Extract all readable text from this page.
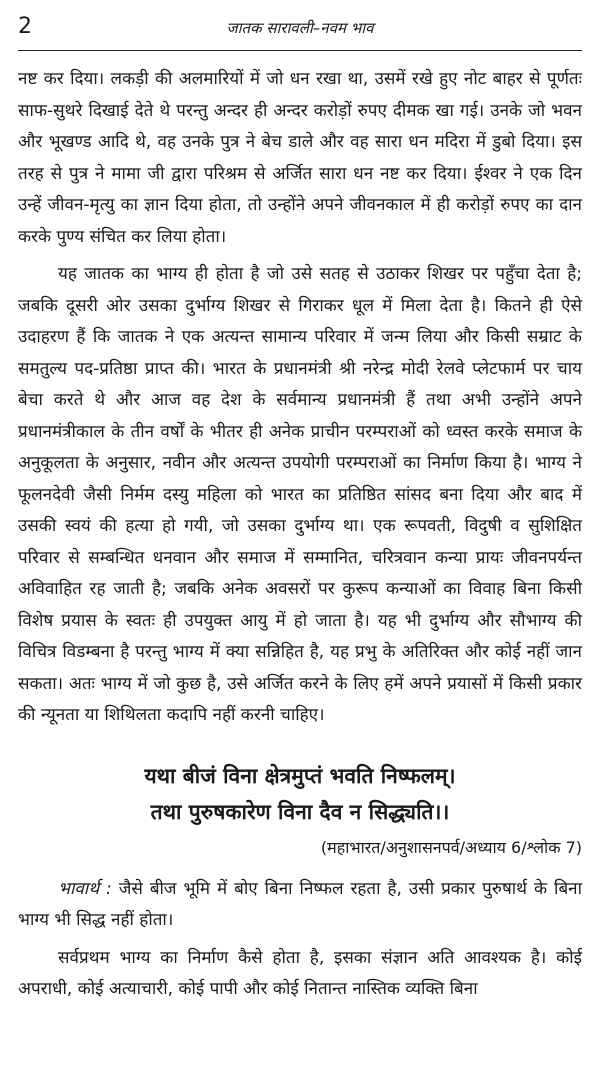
2	जातक सारावली–नवम भाव

नष्ट कर दिया। लकड़ी की अलमारियों में जो धन रखा था, उसमें रखे हुए नोट बाहर से पूर्णतः साफ-सुथरे दिखाई देते थे परन्तु अन्दर ही अन्दर करोड़ों रुपए दीमक खा गई। उनके जो भवन और भूखण्ड आदि थे, वह उनके पुत्र ने बेच डाले और वह सारा धन मदिरा में डुबो दिया। इस तरह से पुत्र ने मामा जी द्वारा परिश्रम से अर्जित सारा धन नष्ट कर दिया। ईश्वर ने एक दिन उन्हें जीवन-मृत्यु का ज्ञान दिया होता, तो उन्होंने अपने जीवनकाल में ही करोड़ों रुपए का दान करके पुण्य संचित कर लिया होता।

यह जातक का भाग्य ही होता है जो उसे सतह से उठाकर शिखर पर पहुँचा देता है; जबकि दूसरी ओर उसका दुर्भाग्य शिखर से गिराकर धूल में मिला देता है। कितने ही ऐसे उदाहरण हैं कि जातक ने एक अत्यन्त सामान्य परिवार में जन्म लिया और किसी सम्राट के समतुल्य पद-प्रतिष्ठा प्राप्त की। भारत के प्रधानमंत्री श्री नरेन्द्र मोदी रेलवे प्लेटफार्म पर चाय बेचा करते थे और आज वह देश के सर्वमान्य प्रधानमंत्री हैं तथा अभी उन्होंने अपने प्रधानमंत्रीकाल के तीन वर्षों के भीतर ही अनेक प्राचीन परम्पराओं को ध्वस्त करके समाज के अनुकूलता के अनुसार, नवीन और अत्यन्त उपयोगी परम्पराओं का निर्माण किया है। भाग्य ने फूलनदेवी जैसी निर्मम दस्यु महिला को भारत का प्रतिष्ठित सांसद बना दिया और बाद में उसकी स्वयं की हत्या हो गयी, जो उसका दुर्भाग्य था। एक रूपवती, विदुषी व सुशिक्षित परिवार से सम्बन्धित धनवान और समाज में सम्मानित, चरित्रवान कन्या प्रायः जीवनपर्यन्त अविवाहित रह जाती है; जबकि अनेक अवसरों पर कुरूप कन्याओं का विवाह बिना किसी विशेष प्रयास के स्वतः ही उपयुक्त आयु में हो जाता है। यह भी दुर्भाग्य और सौभाग्य की विचित्र विडम्बना है परन्तु भाग्य में क्या सन्निहित है, यह प्रभु के अतिरिक्त और कोई नहीं जान सकता। अतः भाग्य में जो कुछ है, उसे अर्जित करने के लिए हमें अपने प्रयासों में किसी प्रकार की न्यूनता या शिथिलता कदापि नहीं करनी चाहिए।

यथा बीजं विना क्षेत्रमुप्तं भवति निष्फलम्।
तथा पुरुषकारेण विना दैव न सिद्ध्यति।।
(महाभारत/अनुशासनपर्व/अध्याय 6/श्लोक 7)

भावार्थ : जैसे बीज भूमि में बोए बिना निष्फल रहता है, उसी प्रकार पुरुषार्थ के बिना भाग्य भी सिद्ध नहीं होता।

सर्वप्रथम भाग्य का निर्माण कैसे होता है, इसका संज्ञान अति आवश्यक है। कोई अपराधी, कोई अत्याचारी, कोई पापी और कोई नितान्त नास्तिक व्यक्ति बिना
